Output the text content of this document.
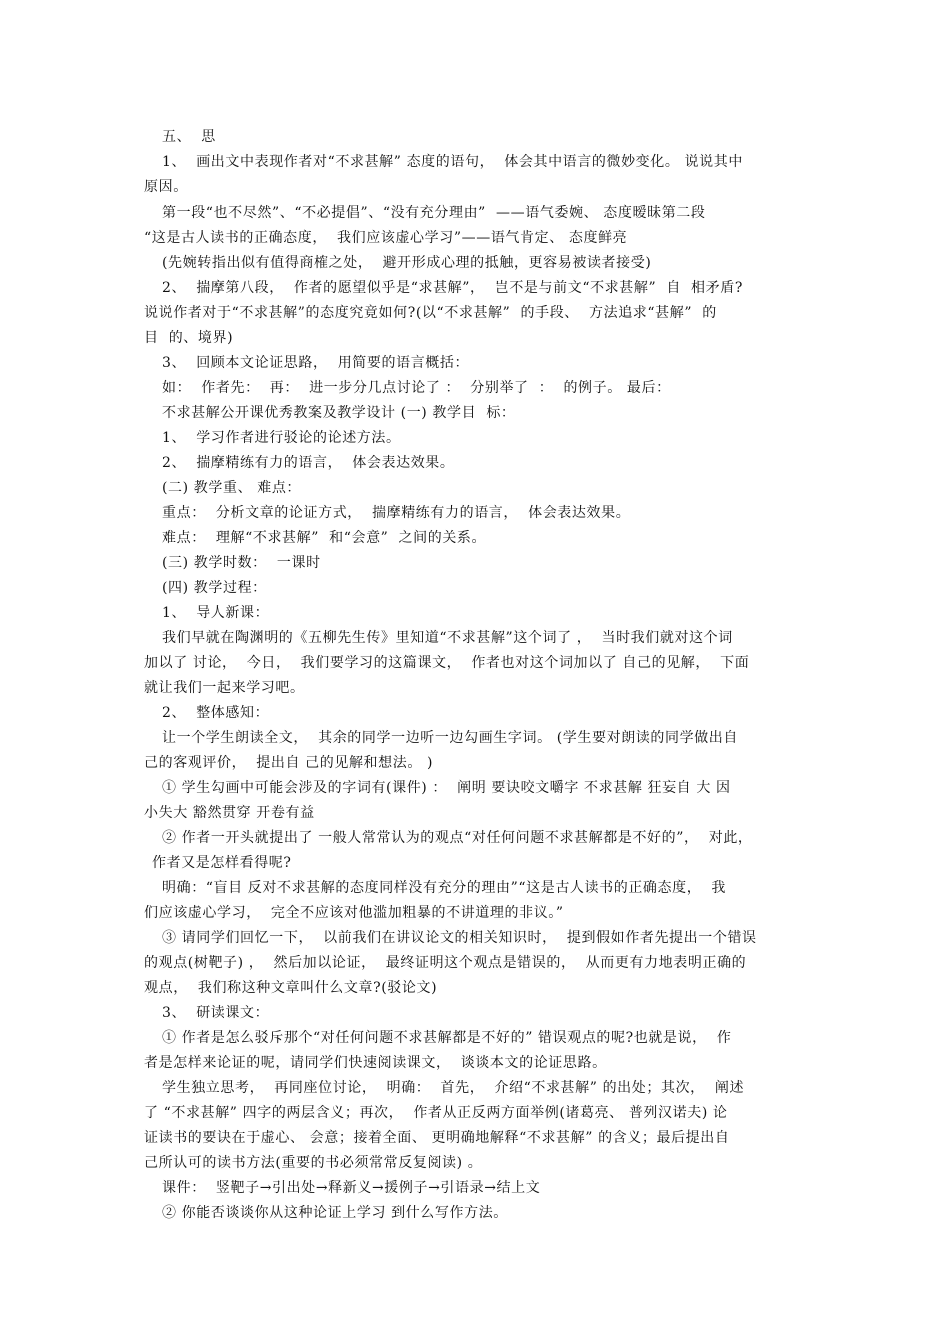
五、  思
1、  画出文中表现作者对“不求甚解” 态度的语句，  体会其中语言的微妙变化。 说说其中
原因。
第一段“也不尽然”、“不必提倡”、“没有充分理由”  ——语气委婉、 态度暧昧第二段
“这是古人读书的正确态度，  我们应该虚心学习”——语气肯定、 态度鲜亮
(先婉转指出似有值得商榷之处，  避开形成心理的抵触，更容易被读者接受)
2、  揣摩第八段，  作者的愿望似乎是“求甚解”，  岂不是与前文“不求甚解”  自  相矛盾?
说说作者对于“不求甚解”的态度究竟如何?(以“不求甚解”  的手段、  方法追求“甚解”  的
目  的、境界)
3、  回顾本文论证思路，  用简要的语言概括：
如：  作者先：  再：  进一步分几点讨论了 ：  分别举了  ：  的例子。 最后：
不求甚解公开课优秀教案及教学设计 (一) 教学目  标：
1、  学习作者进行驳论的论述方法。
2、  揣摩精练有力的语言，  体会表达效果。
(二) 教学重、 难点：
重点：  分析文章的论证方式，  揣摩精练有力的语言，  体会表达效果。
难点：  理解“不求甚解”  和“会意”  之间的关系。
(三) 教学时数：  一课时
(四) 教学过程：
1、  导人新课：
我们早就在陶渊明的《五柳先生传》里知道“不求甚解”这个词了 ，  当时我们就对这个词
加以了 讨论，  今日，  我们要学习的这篇课文，  作者也对这个词加以了 自己的见解，  下面
就让我们一起来学习吧。
2、  整体感知：
让一个学生朗读全文，  其余的同学一边听一边勾画生字词。 (学生要对朗读的同学做出自
己的客观评价，  提出自 己的见解和想法。 )
① 学生勾画中可能会涉及的字词有(课件) ：  阐明 要诀咬文嚼字 不求甚解 狂妄自 大 因
小失大 豁然贯穿 开卷有益
② 作者一开头就提出了 一般人常常认为的观点“对任何问题不求甚解都是不好的”，  对此，
作者又是怎样看得呢?
明确：“盲目 反对不求甚解的态度同样没有充分的理由”“这是古人读书的正确态度，  我
们应该虚心学习，  完全不应该对他滥加粗暴的不讲道理的非议。”
③ 请同学们回忆一下，  以前我们在讲议论文的相关知识时，  提到假如作者先提出一个错误
的观点(树靶子) ，  然后加以论证，  最终证明这个观点是错误的，  从而更有力地表明正确的
观点，  我们称这种文章叫什么文章?(驳论文)
3、  研读课文：
① 作者是怎么驳斥那个“对任何问题不求甚解都是不好的” 错误观点的呢?也就是说，  作
者是怎样来论证的呢，请同学们快速阅读课文，  谈谈本文的论证思路。
学生独立思考，  再同座位讨论，  明确：  首先，  介绍“不求甚解” 的出处；其次，  阐述
了 “不求甚解” 四字的两层含义；再次，  作者从正反两方面举例(诸葛亮、 普列汉诺夫) 论
证读书的要诀在于虚心、 会意；接着全面、 更明确地解释“不求甚解” 的含义；最后提出自
己所认可的读书方法(重要的书必须常常反复阅读) 。
课件：  竖靶子→引出处→释新义→援例子→引语录→结上文
② 你能否谈谈你从这种论证上学习 到什么写作方法。
